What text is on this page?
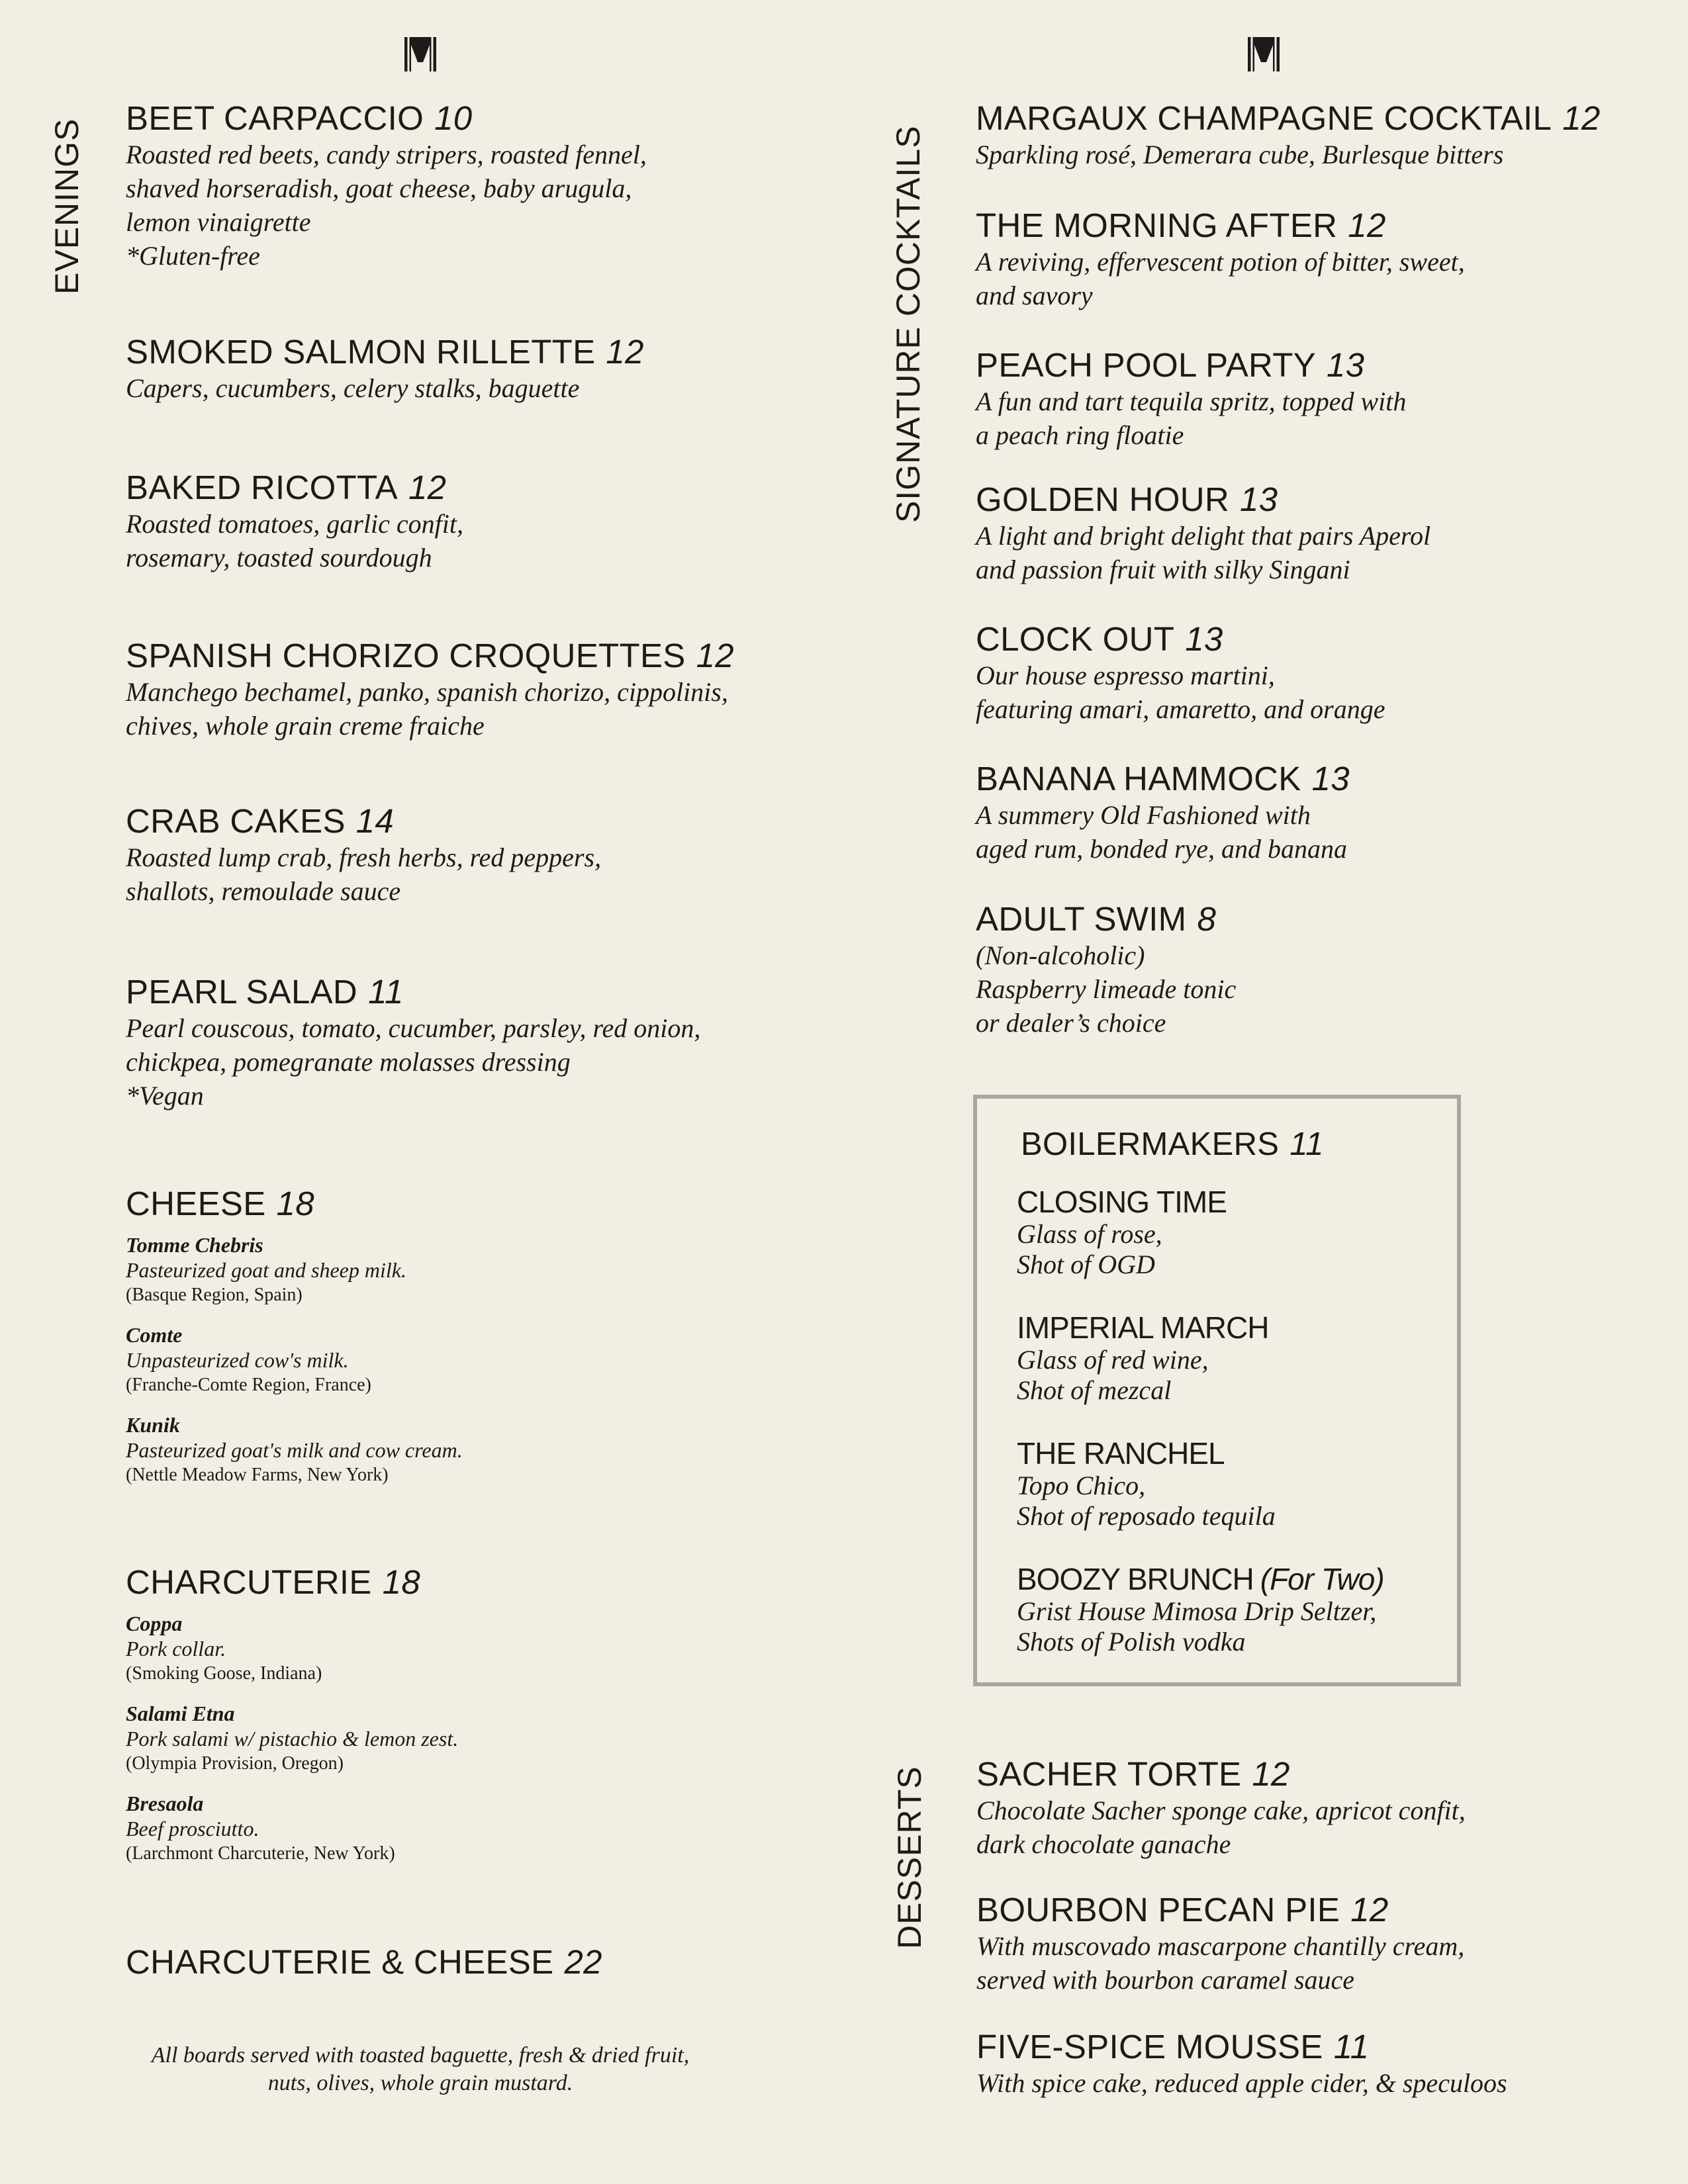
EVENINGS	SIGNATURE COCKTAILS
DESSERTS
BEET CARPACCIO 10
Roasted red beets, candy stripers, roasted fennel,
shaved horseradish, goat cheese, baby arugula,
lemon vinaigrette
*Gluten-free
SMOKED SALMON RILLETTE 12
Capers, cucumbers, celery stalks, baguette
BAKED RICOTTA 12
Roasted tomatoes, garlic confit,
rosemary, toasted sourdough
SPANISH CHORIZO CROQUETTES 12
Manchego bechamel, panko, spanish chorizo, cippolinis,
chives, whole grain creme fraiche
CRAB CAKES 14
Roasted lump crab, fresh herbs, red peppers,
shallots, remoulade sauce
PEARL SALAD 11
Pearl couscous, tomato, cucumber, parsley, red onion,
chickpea, pomegranate molasses dressing
*Vegan
CHEESE 18
Tomme Chebris
Pasteurized goat and sheep milk.
(Basque Region, Spain)
Comte
Unpasteurized cow's milk.
(Franche-Comte Region, France)
Kunik
Pasteurized goat's milk and cow cream.
(Nettle Meadow Farms, New York)
CHARCUTERIE 18
Coppa
Pork collar.
(Smoking Goose, Indiana)
Salami Etna
Pork salami w/ pistachio & lemon zest.
(Olympia Provision, Oregon)
Bresaola
Beef prosciutto.
(Larchmont Charcuterie, New York)
CHARCUTERIE & CHEESE 22
All boards served with toasted baguette, fresh & dried fruit,
nuts, olives, whole grain mustard.
MARGAUX CHAMPAGNE COCKTAIL 12
Sparkling rosé, Demerara cube, Burlesque bitters
THE MORNING AFTER 12
A reviving, effervescent potion of bitter, sweet,
and savory
PEACH POOL PARTY 13
A fun and tart tequila spritz, topped with
a peach ring floatie
GOLDEN HOUR 13
A light and bright delight that pairs Aperol
and passion fruit with silky Singani
CLOCK OUT 13
Our house espresso martini,
featuring amari, amaretto, and orange
BANANA HAMMOCK 13
A summery Old Fashioned with
aged rum, bonded rye, and banana
ADULT SWIM 8
(Non-alcoholic)
Raspberry limeade tonic
or dealer’s choice
BOILERMAKERS 11
CLOSING TIME
Glass of rose,
Shot of OGD
IMPERIAL MARCH
Glass of red wine,
Shot of mezcal
THE RANCHEL
Topo Chico,
Shot of reposado tequila
BOOZY BRUNCH (For Two)
Grist House Mimosa Drip Seltzer,
Shots of Polish vodka
SACHER TORTE 12
Chocolate Sacher sponge cake, apricot confit,
dark chocolate ganache
BOURBON PECAN PIE 12
With muscovado mascarpone chantilly cream,
served with bourbon caramel sauce
FIVE-SPICE MOUSSE 11
With spice cake, reduced apple cider, & speculoos
